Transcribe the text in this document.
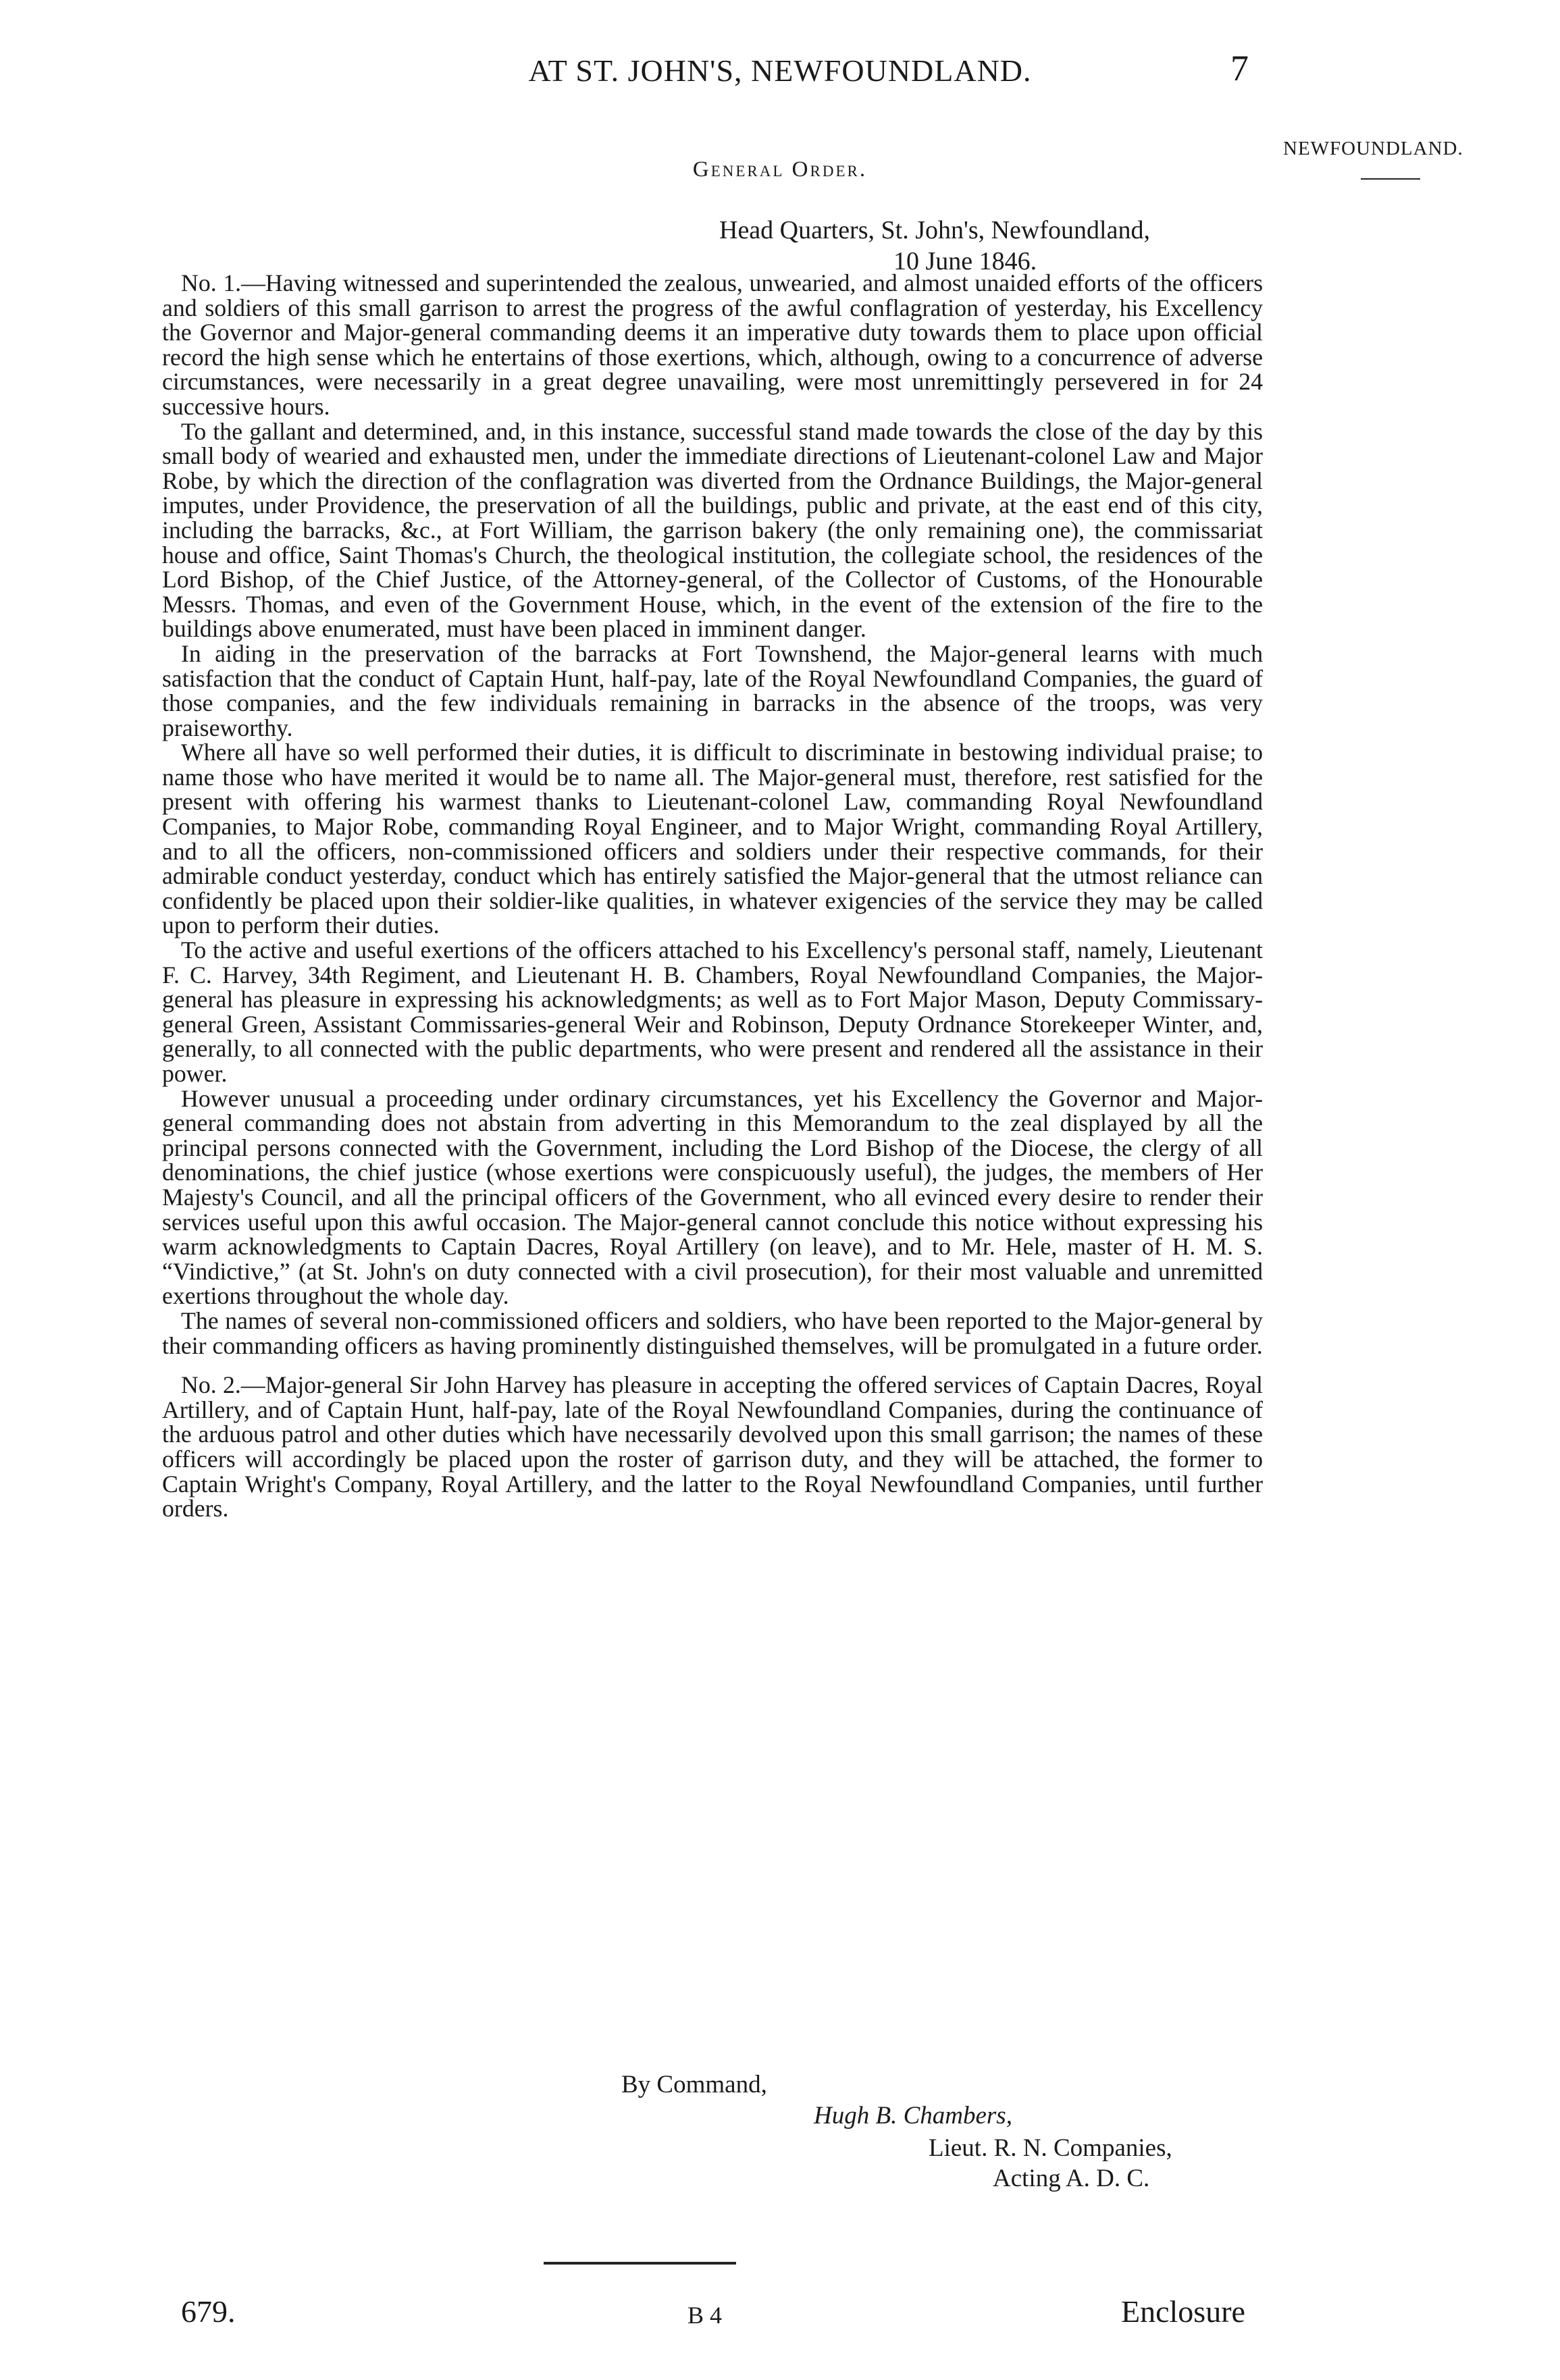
AT ST. JOHN'S, NEWFOUNDLAND.	7
NEWFOUNDLAND.
General Order.
Head Quarters, St. John's, Newfoundland,
10 June 1846.

No. 1.—Having witnessed and superintended the zealous, unwearied, and almost unaided efforts of the officers and soldiers of this small garrison to arrest the progress of the awful conflagration of yesterday, his Excellency the Governor and Major-general commanding deems it an imperative duty towards them to place upon official record the high sense which he entertains of those exertions, which, although, owing to a concurrence of adverse circumstances, were necessarily in a great degree unavailing, were most unremittingly persevered in for 24 successive hours.

To the gallant and determined, and, in this instance, successful stand made towards the close of the day by this small body of wearied and exhausted men, under the immediate directions of Lieutenant-colonel Law and Major Robe, by which the direction of the conflagration was diverted from the Ordnance Buildings, the Major-general imputes, under Providence, the preservation of all the buildings, public and private, at the east end of this city, including the barracks, &c., at Fort William, the garrison bakery (the only remaining one), the commissariat house and office, Saint Thomas's Church, the theological institution, the collegiate school, the residences of the Lord Bishop, of the Chief Justice, of the Attorney-general, of the Collector of Customs, of the Honourable Messrs. Thomas, and even of the Government House, which, in the event of the extension of the fire to the buildings above enumerated, must have been placed in imminent danger.

In aiding in the preservation of the barracks at Fort Townshend, the Major-general learns with much satisfaction that the conduct of Captain Hunt, half-pay, late of the Royal Newfoundland Companies, the guard of those companies, and the few individuals remaining in barracks in the absence of the troops, was very praiseworthy.

Where all have so well performed their duties, it is difficult to discriminate in bestowing individual praise; to name those who have merited it would be to name all. The Major-general must, therefore, rest satisfied for the present with offering his warmest thanks to Lieutenant-colonel Law, commanding Royal Newfoundland Companies, to Major Robe, commanding Royal Engineer, and to Major Wright, commanding Royal Artillery, and to all the officers, non-commissioned officers and soldiers under their respective commands, for their admirable conduct yesterday, conduct which has entirely satisfied the Major-general that the utmost reliance can confidently be placed upon their soldier-like qualities, in whatever exigencies of the service they may be called upon to perform their duties.

To the active and useful exertions of the officers attached to his Excellency's personal staff, namely, Lieutenant F. C. Harvey, 34th Regiment, and Lieutenant H. B. Chambers, Royal Newfoundland Companies, the Major-general has pleasure in expressing his acknowledgments; as well as to Fort Major Mason, Deputy Commissary-general Green, Assistant Commissaries-general Weir and Robinson, Deputy Ordnance Storekeeper Winter, and, generally, to all connected with the public departments, who were present and rendered all the assistance in their power.

However unusual a proceeding under ordinary circumstances, yet his Excellency the Governor and Major-general commanding does not abstain from adverting in this Memorandum to the zeal displayed by all the principal persons connected with the Government, including the Lord Bishop of the Diocese, the clergy of all denominations, the chief justice (whose exertions were conspicuously useful), the judges, the members of Her Majesty's Council, and all the principal officers of the Government, who all evinced every desire to render their services useful upon this awful occasion. The Major-general cannot conclude this notice without expressing his warm acknowledgments to Captain Dacres, Royal Artillery (on leave), and to Mr. Hele, master of H. M. S. “Vindictive,” (at St. John's on duty connected with a civil prosecution), for their most valuable and unremitted exertions throughout the whole day.

The names of several non-commissioned officers and soldiers, who have been reported to the Major-general by their commanding officers as having prominently distinguished themselves, will be promulgated in a future order.

No. 2.—Major-general Sir John Harvey has pleasure in accepting the offered services of Captain Dacres, Royal Artillery, and of Captain Hunt, half-pay, late of the Royal Newfoundland Companies, during the continuance of the arduous patrol and other duties which have necessarily devolved upon this small garrison; the names of these officers will accordingly be placed upon the roster of garrison duty, and they will be attached, the former to Captain Wright's Company, Royal Artillery, and the latter to the Royal Newfoundland Companies, until further orders.

By Command,
Hugh B. Chambers,
Lieut. R. N. Companies,
Acting A. D. C.
679.	B 4	Enclosure
